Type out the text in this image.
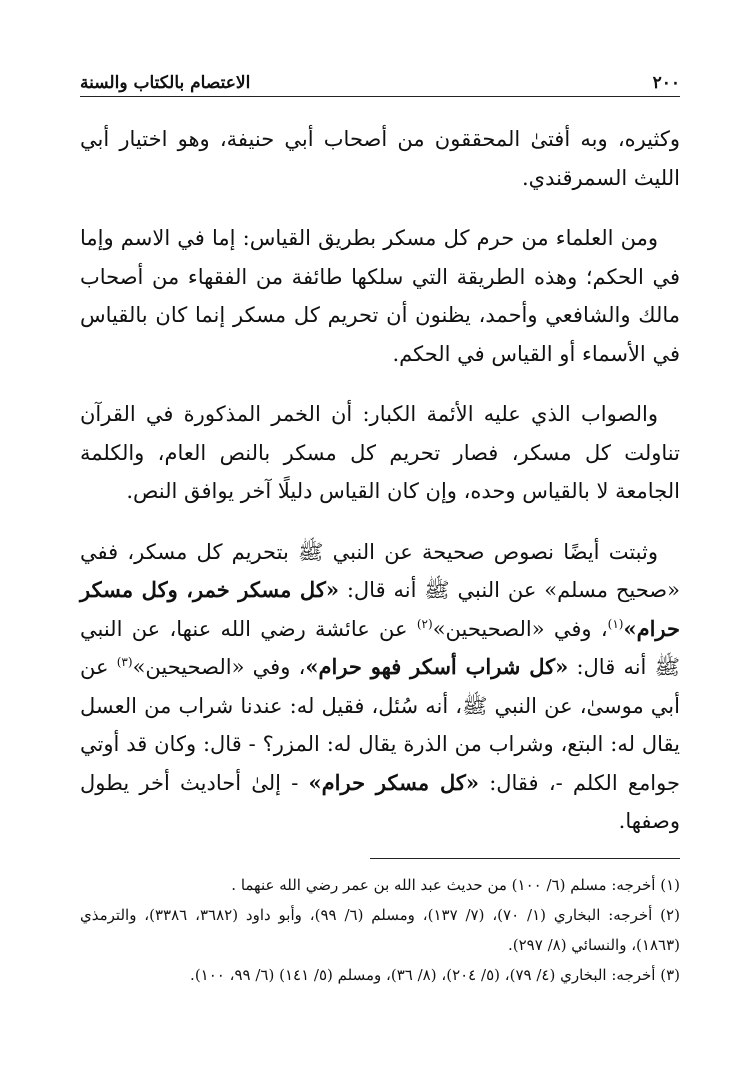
٢٠٠
الاعتصام بالكتاب والسنة

وكثيره، وبه أفتىٰ المحققون من أصحاب أبي حنيفة، وهو اختيار أبي الليث السمرقندي.

ومن العلماء من حرم كل مسكر بطريق القياس: إما في الاسم وإما في الحكم؛ وهذه الطريقة التي سلكها طائفة من الفقهاء من أصحاب مالك والشافعي وأحمد، يظنون أن تحريم كل مسكر إنما كان بالقياس في الأسماء أو القياس في الحكم.

والصواب الذي عليه الأئمة الكبار: أن الخمر المذكورة في القرآن تناولت كل مسكر، فصار تحريم كل مسكر بالنص العام، والكلمة الجامعة لا بالقياس وحده، وإن كان القياس دليلًا آخر يوافق النص.

وثبتت أيضًا نصوص صحيحة عن النبي ﷺ بتحريم كل مسكر، ففي «صحيح مسلم» عن النبي ﷺ أنه قال: «كل مسكر خمر، وكل مسكر حرام»$^{(١)}$، وفي «الصحيحين»$^{(٢)}$ عن عائشة رضي الله عنها، عن النبي ﷺ أنه قال: «كل شراب أسكر فهو حرام»، وفي «الصحيحين»$^{(٣)}$ عن أبي موسىٰ، عن النبي ﷺ، أنه سُئل، فقيل له: عندنا شراب من العسل يقال له: البتع، وشراب من الذرة يقال له: المزر؟ - قال: وكان قد أوتي جوامع الكلم -، فقال: «كل مسكر حرام» - إلىٰ أحاديث أخر يطول وصفها.

(١) أخرجه: مسلم (٦/ ١٠٠) من حديث عبد الله بن عمر رضي الله عنهما .

(٢) أخرجه: البخاري (١/ ٧٠)، (٧/ ١٣٧)، ومسلم (٦/ ٩٩)، وأبو داود (٣٦٨٢، ٣٣٨٦)، والترمذي (١٨٦٣)، والنسائي (٨/ ٢٩٧).

(٣) أخرجه: البخاري (٤/ ٧٩)، (٥/ ٢٠٤)، (٨/ ٣٦)، ومسلم (٥/ ١٤١) (٦/ ٩٩، ١٠٠).
